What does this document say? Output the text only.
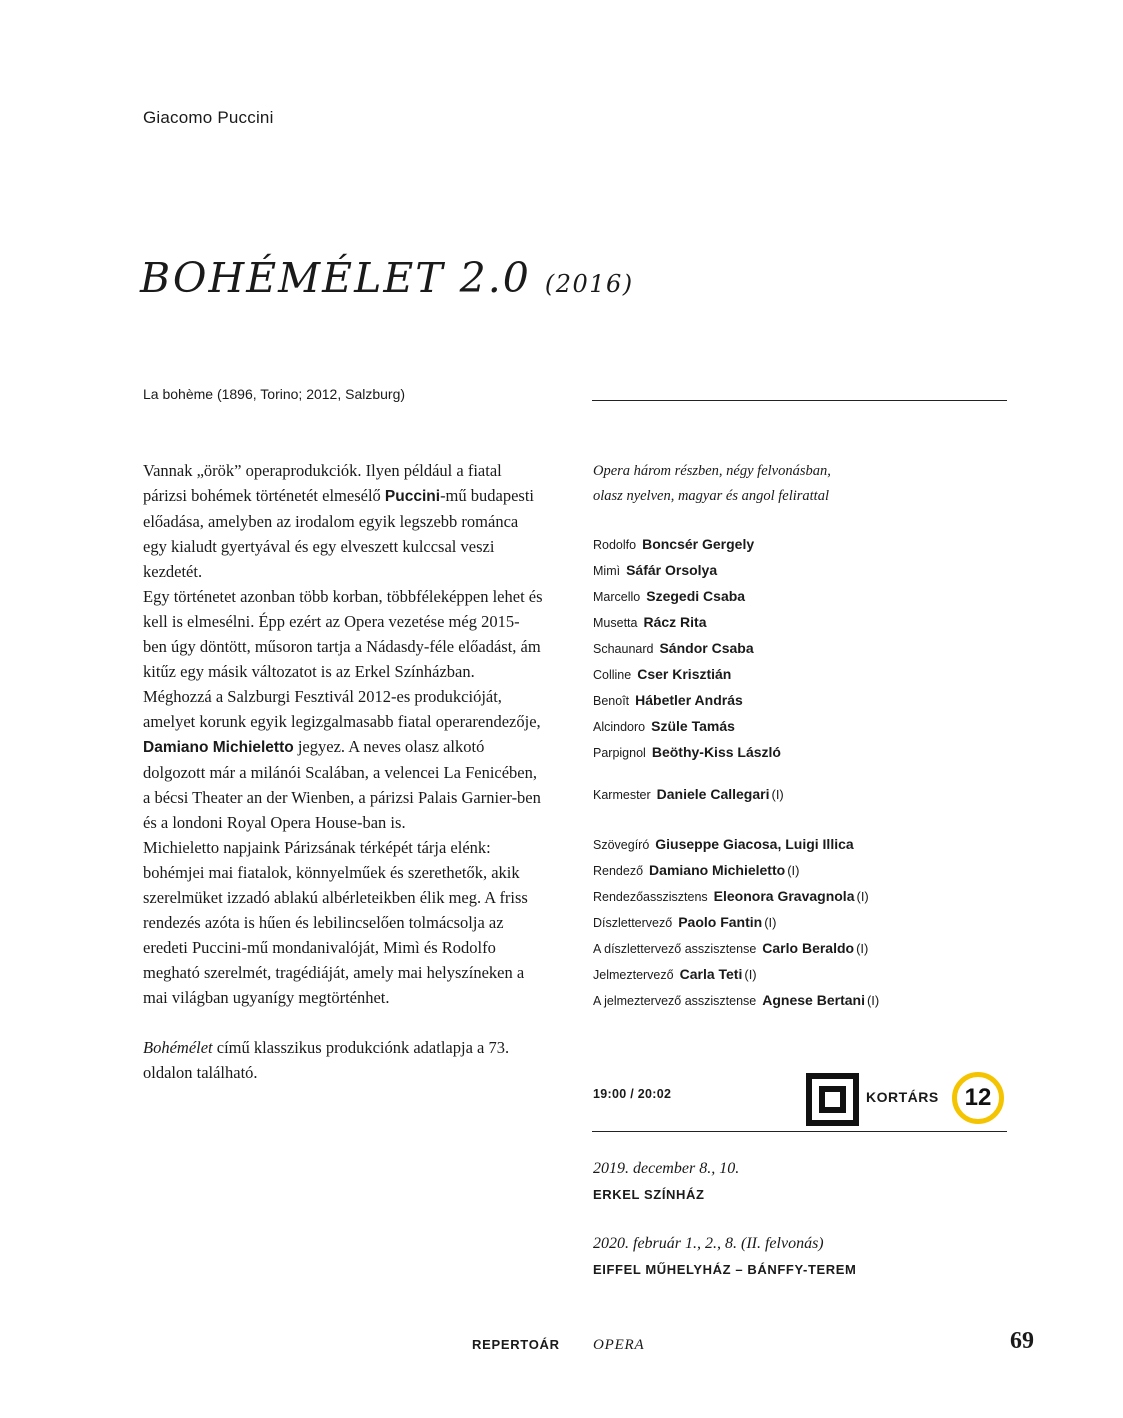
Giacomo Puccini
BOHÉMÉLET 2.0 (2016)
La bohème (1896, Torino; 2012, Salzburg)

Vannak „örök” operaprodukciók. Ilyen például a fiatal párizsi bohémek történetét elmesélő Puccini-mű budapesti előadása, amelyben az irodalom egyik legszebb románca egy kialudt gyertyával és egy elveszett kulccsal veszi kezdetét.

Egy történetet azonban több korban, többféleképpen lehet és kell is elmesélni. Épp ezért az Opera vezetése még 2015-ben úgy döntött, műsoron tartja a Nádasdy-féle előadást, ám kitűz egy másik változatot is az Erkel Színházban. Méghozzá a Salzburgi Fesztivál 2012-es produkcióját, amelyet korunk egyik legizgalmasabb fiatal operarendezője, Damiano Michieletto jegyez. A neves olasz alkotó dolgozott már a milánói Scalában, a velencei La Fenicében, a bécsi Theater an der Wienben, a párizsi Palais Garnier-ben és a londoni Royal Opera House-ban is.

Michieletto napjaink Párizsának térképét tárja elénk: bohémjei mai fiatalok, könnyelműek és szerethetők, akik szerelmüket izzadó ablakú albérleteikben élik meg. A friss rendezés azóta is hűen és lebilincselően tolmácsolja az eredeti Puccini-mű mondanivalóját, Mimì és Rodolfo megható szerelmét, tragédiáját, amely mai helyszíneken a mai világban ugyanígy megtörténhet.

Bohémélet című klasszikus produkciónk adatlapja a 73. oldalon található.

Opera három részben, négy felvonásban,
olasz nyelven, magyar és angol felirattal
Rodolfo Boncsér Gergely
Mimì Sáfár Orsolya
Marcello Szegedi Csaba
Musetta Rácz Rita
Schaunard Sándor Csaba
Colline Cser Krisztián
Benoît Hábetler András
Alcindoro Szüle Tamás
Parpignol Beöthy-Kiss László
Karmester Daniele Callegari (I)
Szövegíró Giuseppe Giacosa, Luigi Illica
Rendező Damiano Michieletto (I)
Rendezőasszisztens Eleonora Gravagnola (I)
Díszlettervező Paolo Fantin (I)
A díszlettervező asszisztense Carlo Beraldo (I)
Jelmeztervező Carla Teti (I)
A jelmeztervező asszisztense Agnese Bertani (I)
19:00 / 20:02	KORTÁRS	12
2019. december 8., 10.
ERKEL SZÍNHÁZ
2020. február 1., 2., 8. (II. felvonás)
EIFFEL MŰHELYHÁZ – BÁNFFY-TEREM
REPERTOÁR OPERA	69
